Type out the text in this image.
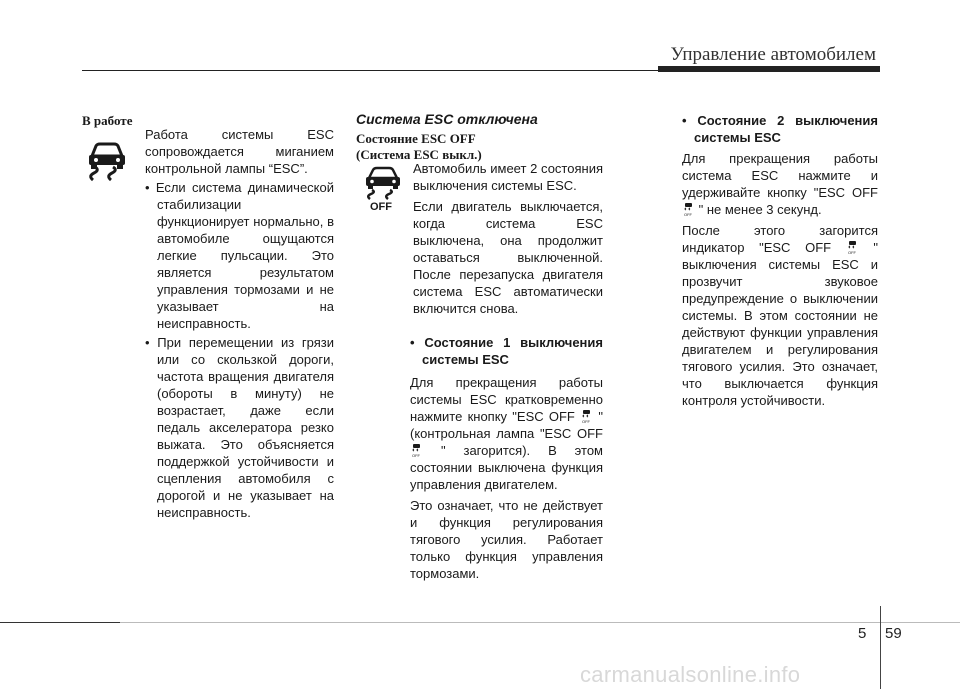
Управление автомобилем
В работе

Работа системы ESC сопровождается миганием контрольной лампы “ESC”.

• Если система динамической стабилизации функционирует нормально, в автомобиле ощущаются легкие пульсации. Это является результатом управления тормозами и не указывает на неисправность.

• При перемещении из грязи или со скользкой дороги, частота вращения двигателя (обороты в минуту) не возрастает, даже если педаль акселератора резко выжата. Это объясняется поддержкой устойчивости и сцепления автомобиля с дорогой и не указывает на неисправность.

Система ESC отключена
Состояние ESC OFF
(Система ESC выкл.)
OFF

Автомобиль имеет 2 состояния выключения системы ESC.

Если двигатель выключается, когда система ESC выключена, она продолжит оставаться выключенной. После перезапуска двигателя система ESC автоматически включится снова.

• Состояние 1 выключения системы ESC

Для прекращения работы системы ESC кратковременно нажмите кнопку "ESC OFF OFF " (контрольная лампа "ESC OFF
OFF " загорится). В этом состоянии выключена функция управления двигателем.

Это означает, что не действует и функция регулирования тягового усилия. Работает только функция управления тормозами.

• Состояние 2 выключения системы ESC

Для прекращения работы система ESC нажмите и удерживайте кнопку "ESC OFF
OFF " не менее 3 секунд.

После этого загорится индикатор "ESC OFF	OFF " выключения системы ESC и прозвучит звуковое предупреждение о выключении системы. В этом состоянии не действуют функции управления двигателем и регулирования тягового усилия. Это означает, что выключается функция контроля устойчивости.

5 59
carmanualsonline.info
